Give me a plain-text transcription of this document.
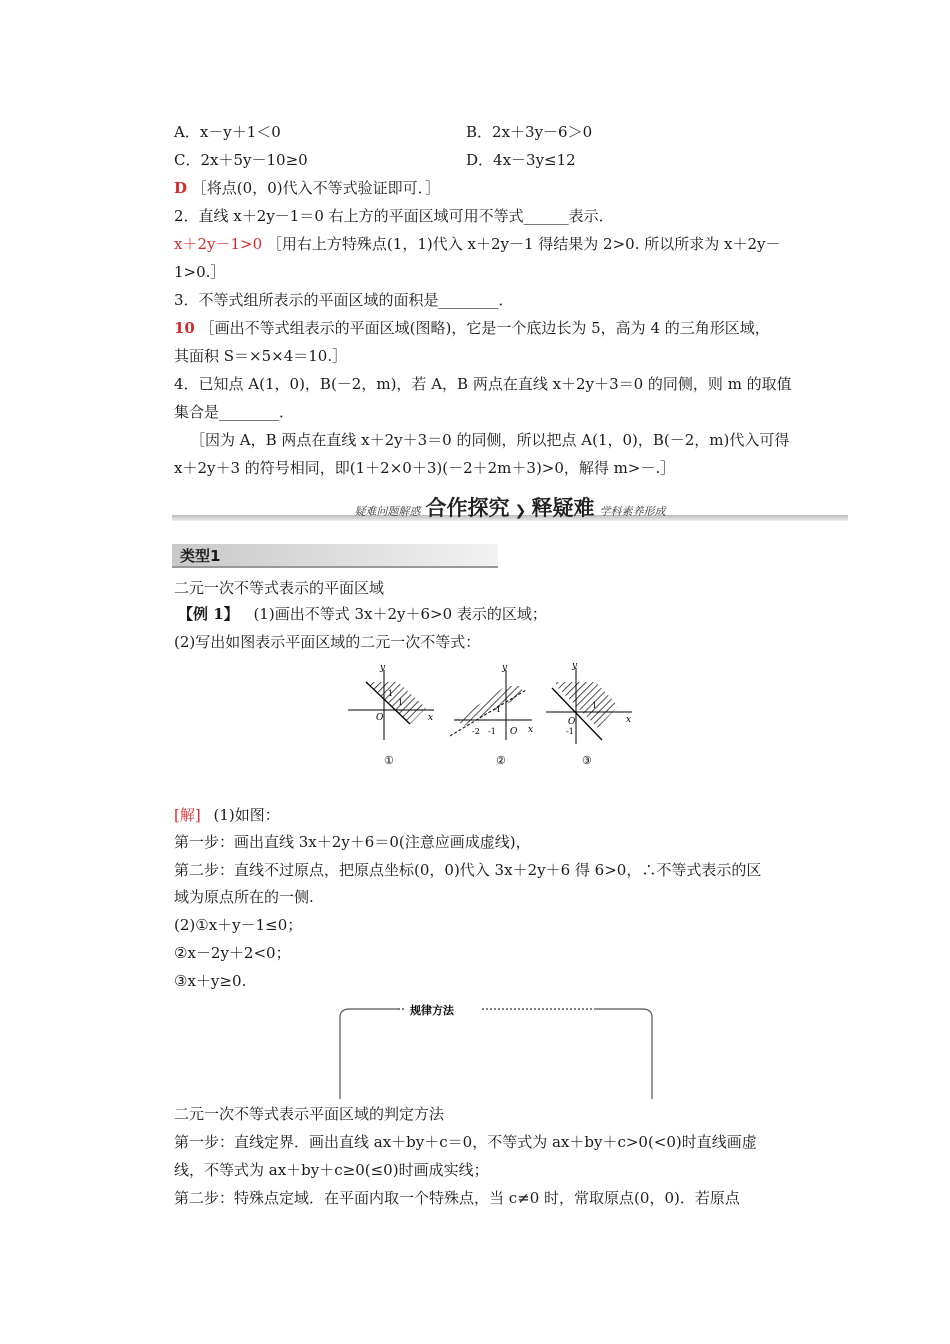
A．x－y＋1＜0	B．2x＋3y－6＞0
C．2x＋5y－10≥0	D．4x－3y≤12
D ［将点(0，0)代入不等式验证即可．］
2．直线 x＋2y－1＝0 右上方的平面区域可用不等式______表示．
x＋2y－1>0 ［用右上方特殊点(1，1)代入 x＋2y－1 得结果为 2>0. 所以所求为 x＋2y－
1>0.］
3．不等式组所表示的平面区域的面积是________．
10 ［画出不等式组表示的平面区域(图略)，它是一个底边长为 5，高为 4 的三角形区域，
其面积 S＝×5×4＝10.］
4．已知点 A(1，0)，B(－2，m)，若 A，B 两点在直线 x＋2y＋3＝0 的同侧，则 m 的取值
集合是________．
［因为 A，B 两点在直线 x＋2y＋3＝0 的同侧，所以把点 A(1，0)，B(－2，m)代入可得
x＋2y＋3 的符号相同，即(1＋2×0＋3)(－2＋2m＋3)>0，解得 m>－.］
疑难问题解惑 合作探究 ❯ 释疑难 学科素养形成
类型1
二元一次不等式表示的平面区域
【例 1】 (1)画出不等式 3x＋2y＋6>0 表示的区域；
(2)写出如图表示平面区域的二元一次不等式：
x
y
O
1
1
①
x
y
O
1
-2 -1
②
x
y
O
1
-1
③
[解] (1)如图：
第一步：画出直线 3x＋2y＋6＝0(注意应画成虚线)，
第二步：直线不过原点，把原点坐标(0，0)代入 3x＋2y＋6 得 6>0，∴不等式表示的区
域为原点所在的一侧.
(2)①x＋y－1≤0；
②x－2y＋2<0；
③x＋y≥0.
规律方法
二元一次不等式表示平面区域的判定方法
第一步：直线定界．画出直线 ax＋by＋c＝0，不等式为 ax＋by＋c>0(<0)时直线画虚
线，不等式为 ax＋by＋c≥0(≤0)时画成实线；
第二步：特殊点定域．在平面内取一个特殊点，当 c≠0 时，常取原点(0，0)．若原点
